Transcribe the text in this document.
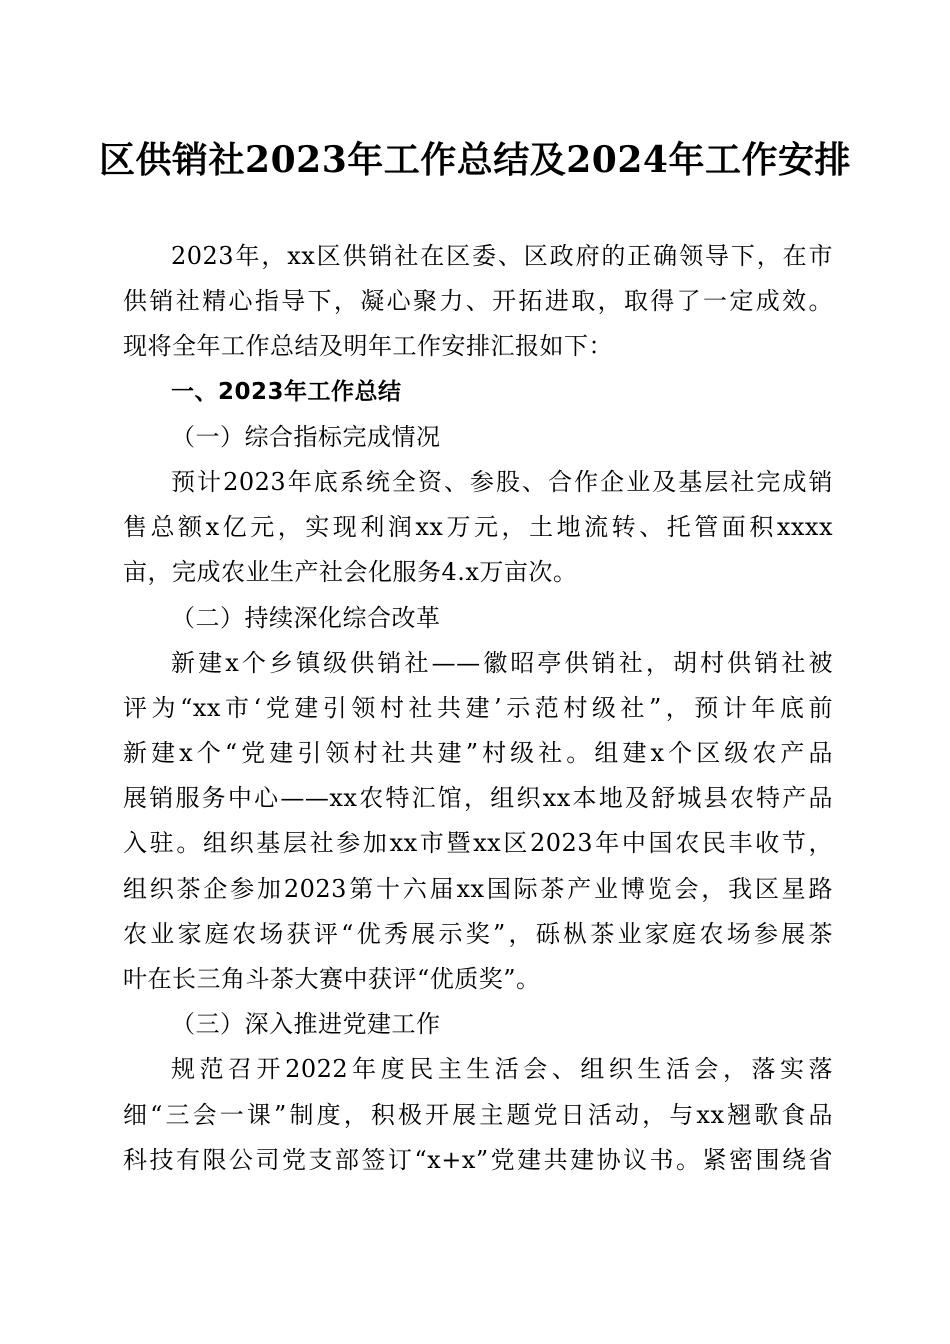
区供销社2023年工作总结及2024年工作安排
2023年，xx区供销社在区委、区政府的正确领导下，在市
供销社精心指导下，凝心聚力、开拓进取，取得了一定成效。
现将全年工作总结及明年工作安排汇报如下：
一、2023年工作总结
（一）综合指标完成情况
预计2023年底系统全资、参股、合作企业及基层社完成销
售总额x亿元，实现利润xx万元，土地流转、托管面积xxxx
亩，完成农业生产社会化服务4.x万亩次。
（二）持续深化综合改革
新建x个乡镇级供销社——徽昭亭供销社，胡村供销社被
评为“xx市‘党建引领村社共建’示范村级社”，预计年底前
新建x个“党建引领村社共建”村级社。组建x个区级农产品
展销服务中心——xx农特汇馆，组织xx本地及舒城县农特产品
入驻。组织基层社参加xx市暨xx区2023年中国农民丰收节，
组织茶企参加2023第十六届xx国际茶产业博览会，我区星路
农业家庭农场获评“优秀展示奖”，砾枞茶业家庭农场参展茶
叶在长三角斗茶大赛中获评“优质奖”。
（三）深入推进党建工作
规范召开2022年度民主生活会、组织生活会，落实落
细“三会一课”制度，积极开展主题党日活动，与xx翘歌食品
科技有限公司党支部签订“x+x”党建共建协议书。紧密围绕省
